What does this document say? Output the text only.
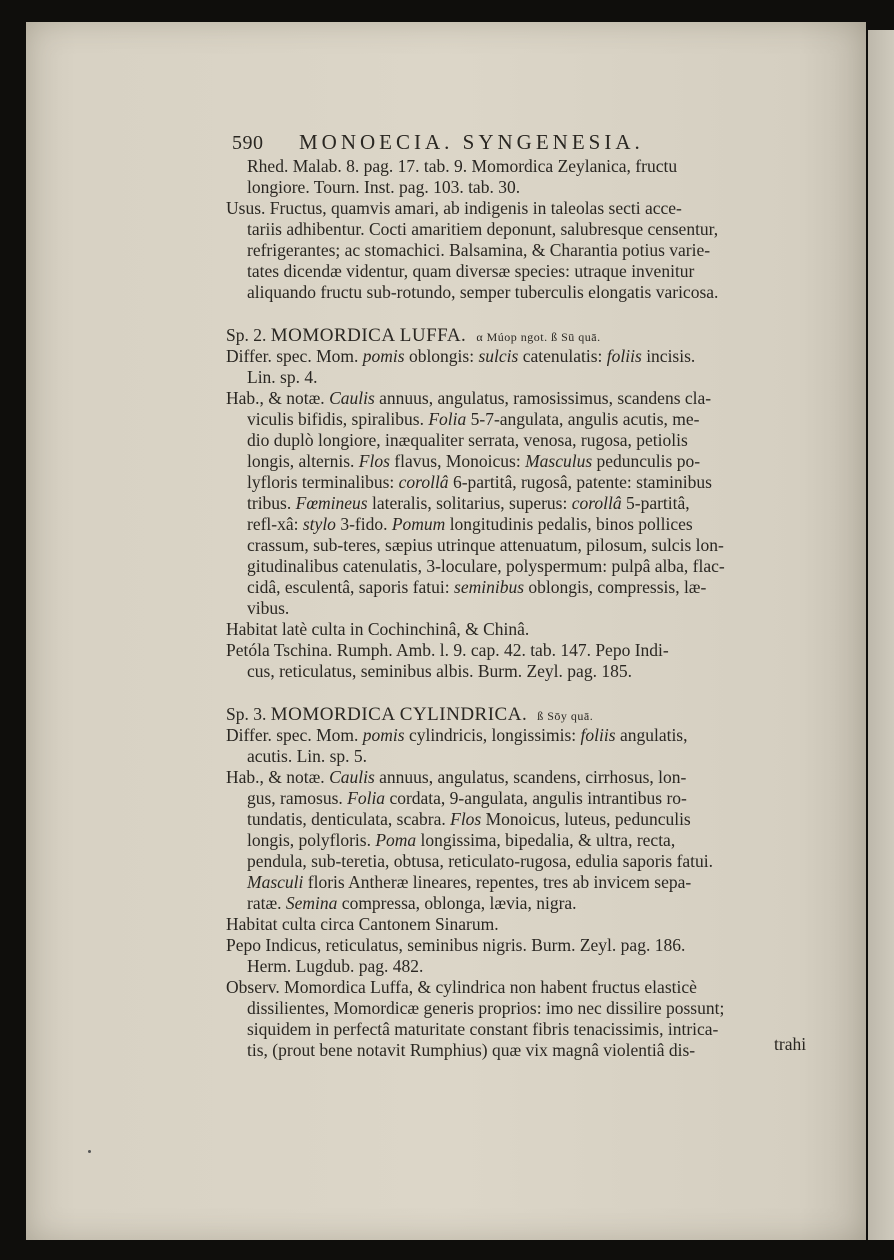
590 MONOECIA. SYNGENESIA.
Rhed. Malab. 8. pag. 17. tab. 9. Momordica Zeylanica, fructu
longiore. Tourn. Inst. pag. 103. tab. 30.
Usus. Fructus, quamvis amari, ab indigenis in taleolas secti acce-
tariis adhibentur. Cocti amaritiem deponunt, salubresque censentur,
refrigerantes; ac stomachici. Balsamina, & Charantia potius varie-
tates dicendæ videntur, quam diversæ species: utraque invenitur
aliquando fructu sub-rotundo, semper tuberculis elongatis varicosa.
Sp. 2. MOMORDICA LUFFA. α Múop ngot. ß Sū quā.
Differ. spec. Mom. pomis oblongis: sulcis catenulatis: foliis incisis.
Lin. sp. 4.
Hab., & notæ. Caulis annuus, angulatus, ramosissimus, scandens cla-
viculis bifidis, spiralibus. Folia 5-7-angulata, angulis acutis, me-
dio duplò longiore, inæqualiter serrata, venosa, rugosa, petiolis
longis, alternis. Flos flavus, Monoicus: Masculus pedunculis po-
lyfloris terminalibus: corollâ 6-partitâ, rugosâ, patente: staminibus
tribus. Fœmineus lateralis, solitarius, superus: corollâ 5-partitâ,
refl-xâ: stylo 3-fido. Pomum longitudinis pedalis, binos pollices
crassum, sub-teres, sæpius utrinque attenuatum, pilosum, sulcis lon-
gitudinalibus catenulatis, 3-loculare, polyspermum: pulpâ alba, flac-
cidâ, esculentâ, saporis fatui: seminibus oblongis, compressis, læ-
vibus.
Habitat latè culta in Cochinchinâ, & Chinâ.
Petóla Tschina. Rumph. Amb. l. 9. cap. 42. tab. 147. Pepo Indi-
cus, reticulatus, seminibus albis. Burm. Zeyl. pag. 185.
Sp. 3. MOMORDICA CYLINDRICA. ß Sōy quā.
Differ. spec. Mom. pomis cylindricis, longissimis: foliis angulatis,
acutis. Lin. sp. 5.
Hab., & notæ. Caulis annuus, angulatus, scandens, cirrhosus, lon-
gus, ramosus. Folia cordata, 9-angulata, angulis intrantibus ro-
tundatis, denticulata, scabra. Flos Monoicus, luteus, pedunculis
longis, polyfloris. Poma longissima, bipedalia, & ultra, recta,
pendula, sub-teretia, obtusa, reticulato-rugosa, edulia saporis fatui.
Masculi floris Antheræ lineares, repentes, tres ab invicem sepa-
ratæ. Semina compressa, oblonga, lævia, nigra.
Habitat culta circa Cantonem Sinarum.
Pepo Indicus, reticulatus, seminibus nigris. Burm. Zeyl. pag. 186.
Herm. Lugdub. pag. 482.
Observ. Momordica Luffa, & cylindrica non habent fructus elasticè
dissilientes, Momordicæ generis proprios: imo nec dissilire possunt;
siquidem in perfectâ maturitate constant fibris tenacissimis, intrica-
tis, (prout bene notavit Rumphius) quæ vix magnâ violentiâ dis-	trahi
